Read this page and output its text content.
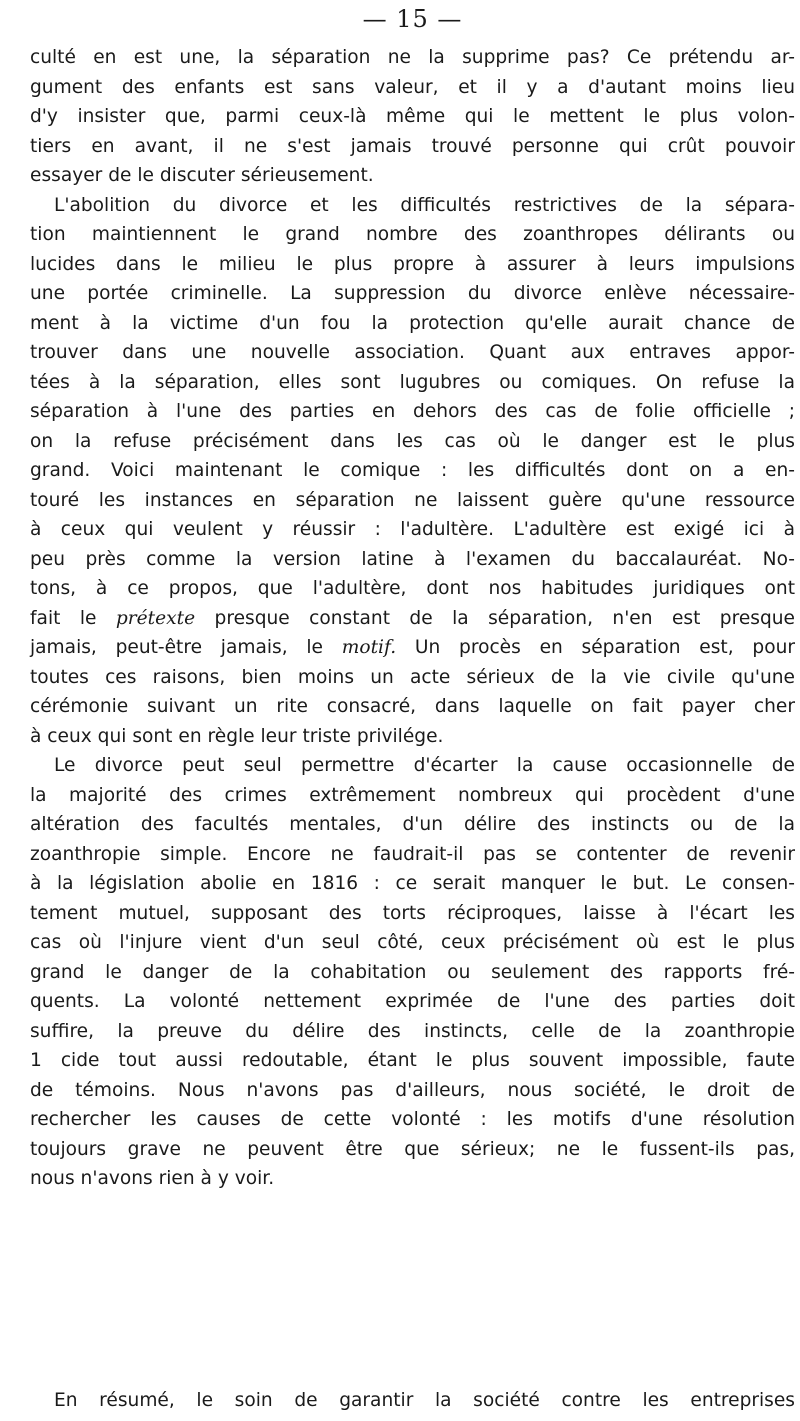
— 15 —

culté en est une, la séparation ne la supprime pas? Ce prétendu ar-
gument des enfants est sans valeur, et il y a d'autant moins lieu
d'y insister que, parmi ceux-là même qui le mettent le plus volon-
tiers en avant, il ne s'est jamais trouvé personne qui crût pouvoir
essayer de le discuter sérieusement.

L'abolition du divorce et les difficultés restrictives de la sépara-
tion maintiennent le grand nombre des zoanthropes délirants ou
lucides dans le milieu le plus propre à assurer à leurs impulsions
une portée criminelle. La suppression du divorce enlève nécessaire-
ment à la victime d'un fou la protection qu'elle aurait chance de
trouver dans une nouvelle association. Quant aux entraves appor-
tées à la séparation, elles sont lugubres ou comiques. On refuse la
séparation à l'une des parties en dehors des cas de folie officielle ;
on la refuse précisément dans les cas où le danger est le plus
grand. Voici maintenant le comique : les difficultés dont on a en-
touré les instances en séparation ne laissent guère qu'une ressource
à ceux qui veulent y réussir : l'adultère. L'adultère est exigé ici à
peu près comme la version latine à l'examen du baccalauréat. No-
tons, à ce propos, que l'adultère, dont nos habitudes juridiques ont
fait le prétexte presque constant de la séparation, n'en est presque
jamais, peut-être jamais, le motif. Un procès en séparation est, pour
toutes ces raisons, bien moins un acte sérieux de la vie civile qu'une
cérémonie suivant un rite consacré, dans laquelle on fait payer cher
à ceux qui sont en règle leur triste privilége.

Le divorce peut seul permettre d'écarter la cause occasionnelle de
la majorité des crimes extrêmement nombreux qui procèdent d'une
altération des facultés mentales, d'un délire des instincts ou de la
zoanthropie simple. Encore ne faudrait-il pas se contenter de revenir
à la législation abolie en 1816 : ce serait manquer le but. Le consen-
tement mutuel, supposant des torts réciproques, laisse à l'écart les
cas où l'injure vient d'un seul côté, ceux précisément où est le plus
grand le danger de la cohabitation ou seulement des rapports fré-
quents. La volonté nettement exprimée de l'une des parties doit
suffire, la preuve du délire des instincts, celle de la zoanthropie
1 cide tout aussi redoutable, étant le plus souvent impossible, faute
de témoins. Nous n'avons pas d'ailleurs, nous société, le droit de
rechercher les causes de cette volonté : les motifs d'une résolution
toujours grave ne peuvent être que sérieux; ne le fussent-ils pas,
nous n'avons rien à y voir.

En résumé, le soin de garantir la société contre les entreprises
